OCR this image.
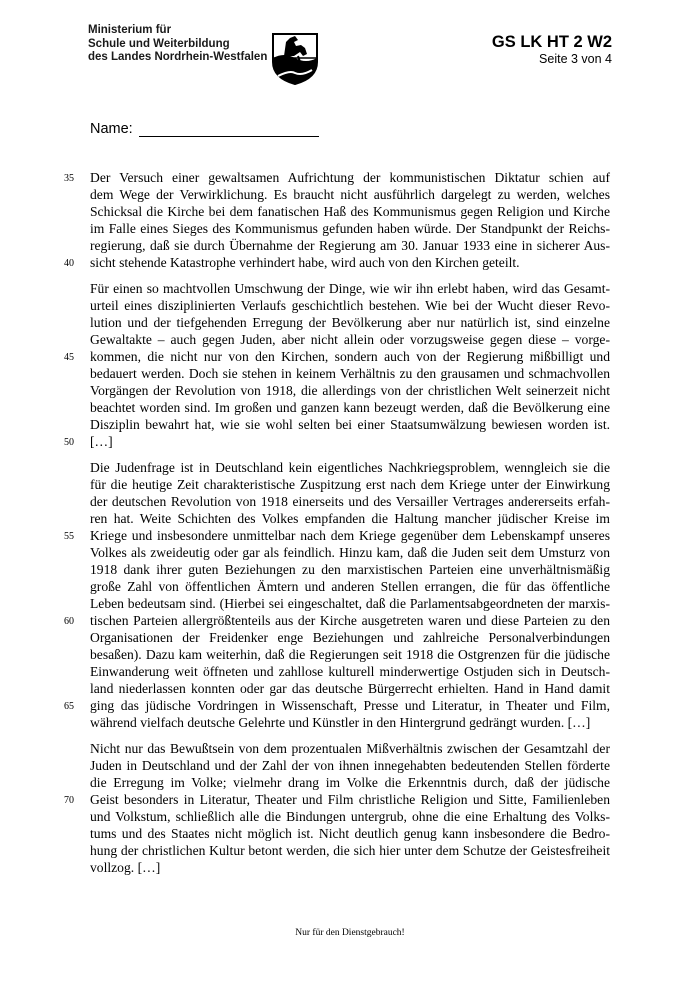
Ministerium für
Schule und Weiterbildung
des Landes Nordrhein-Westfalen
GS LK HT 2 W2
Seite 3 von 4
Name:
Der Versuch einer gewaltsamen Aufrichtung der kommunistischen Diktatur schien auf
dem Wege der Verwirklichung. Es braucht nicht ausführlich dargelegt zu werden, welches
Schicksal die Kirche bei dem fanatischen Haß des Kommunismus gegen Religion und Kirche
im Falle eines Sieges des Kommunismus gefunden haben würde. Der Standpunkt der Reichs-
regierung, daß sie durch Übernahme der Regierung am 30. Januar 1933 eine in sicherer Aus-
sicht stehende Katastrophe verhindert habe, wird auch von den Kirchen geteilt.
Für einen so machtvollen Umschwung der Dinge, wie wir ihn erlebt haben, wird das Gesamt-
urteil eines disziplinierten Verlaufs geschichtlich bestehen. Wie bei der Wucht dieser Revo-
lution und der tiefgehenden Erregung der Bevölkerung aber nur natürlich ist, sind einzelne
Gewaltakte – auch gegen Juden, aber nicht allein oder vorzugsweise gegen diese – vorge-
kommen, die nicht nur von den Kirchen, sondern auch von der Regierung mißbilligt und
bedauert werden. Doch sie stehen in keinem Verhältnis zu den grausamen und schmachvollen
Vorgängen der Revolution von 1918, die allerdings von der christlichen Welt seinerzeit nicht
beachtet worden sind. Im großen und ganzen kann bezeugt werden, daß die Bevölkerung eine
Disziplin bewahrt hat, wie sie wohl selten bei einer Staatsumwälzung bewiesen worden ist.
[…]
Die Judenfrage ist in Deutschland kein eigentliches Nachkriegsproblem, wenngleich sie die
für die heutige Zeit charakteristische Zuspitzung erst nach dem Kriege unter der Einwirkung
der deutschen Revolution von 1918 einerseits und des Versailler Vertrages andererseits erfah-
ren hat. Weite Schichten des Volkes empfanden die Haltung mancher jüdischer Kreise im
Kriege und insbesondere unmittelbar nach dem Kriege gegenüber dem Lebenskampf unseres
Volkes als zweideutig oder gar als feindlich. Hinzu kam, daß die Juden seit dem Umsturz von
1918 dank ihrer guten Beziehungen zu den marxistischen Parteien eine unverhältnismäßig
große Zahl von öffentlichen Ämtern und anderen Stellen errangen, die für das öffentliche
Leben bedeutsam sind. (Hierbei sei eingeschaltet, daß die Parlamentsabgeordneten der marxis-
tischen Parteien allergrößtenteils aus der Kirche ausgetreten waren und diese Parteien zu den
Organisationen der Freidenker enge Beziehungen und zahlreiche Personalverbindungen
besaßen). Dazu kam weiterhin, daß die Regierungen seit 1918 die Ostgrenzen für die jüdische
Einwanderung weit öffneten und zahllose kulturell minderwertige Ostjuden sich in Deutsch-
land niederlassen konnten oder gar das deutsche Bürgerrecht erhielten. Hand in Hand damit
ging das jüdische Vordringen in Wissenschaft, Presse und Literatur, in Theater und Film,
während vielfach deutsche Gelehrte und Künstler in den Hintergrund gedrängt wurden. […]
Nicht nur das Bewußtsein von dem prozentualen Mißverhältnis zwischen der Gesamtzahl der
Juden in Deutschland und der Zahl der von ihnen innegehabten bedeutenden Stellen förderte
die Erregung im Volke; vielmehr drang im Volke die Erkenntnis durch, daß der jüdische
Geist besonders in Literatur, Theater und Film christliche Religion und Sitte, Familienleben
und Volkstum, schließlich alle die Bindungen untergrub, ohne die eine Erhaltung des Volks-
tums und des Staates nicht möglich ist. Nicht deutlich genug kann insbesondere die Bedro-
hung der christlichen Kultur betont werden, die sich hier unter dem Schutze der Geistesfreiheit
vollzog. […]
35
40
45
50
55
60
65
70
Nur für den Dienstgebrauch!
